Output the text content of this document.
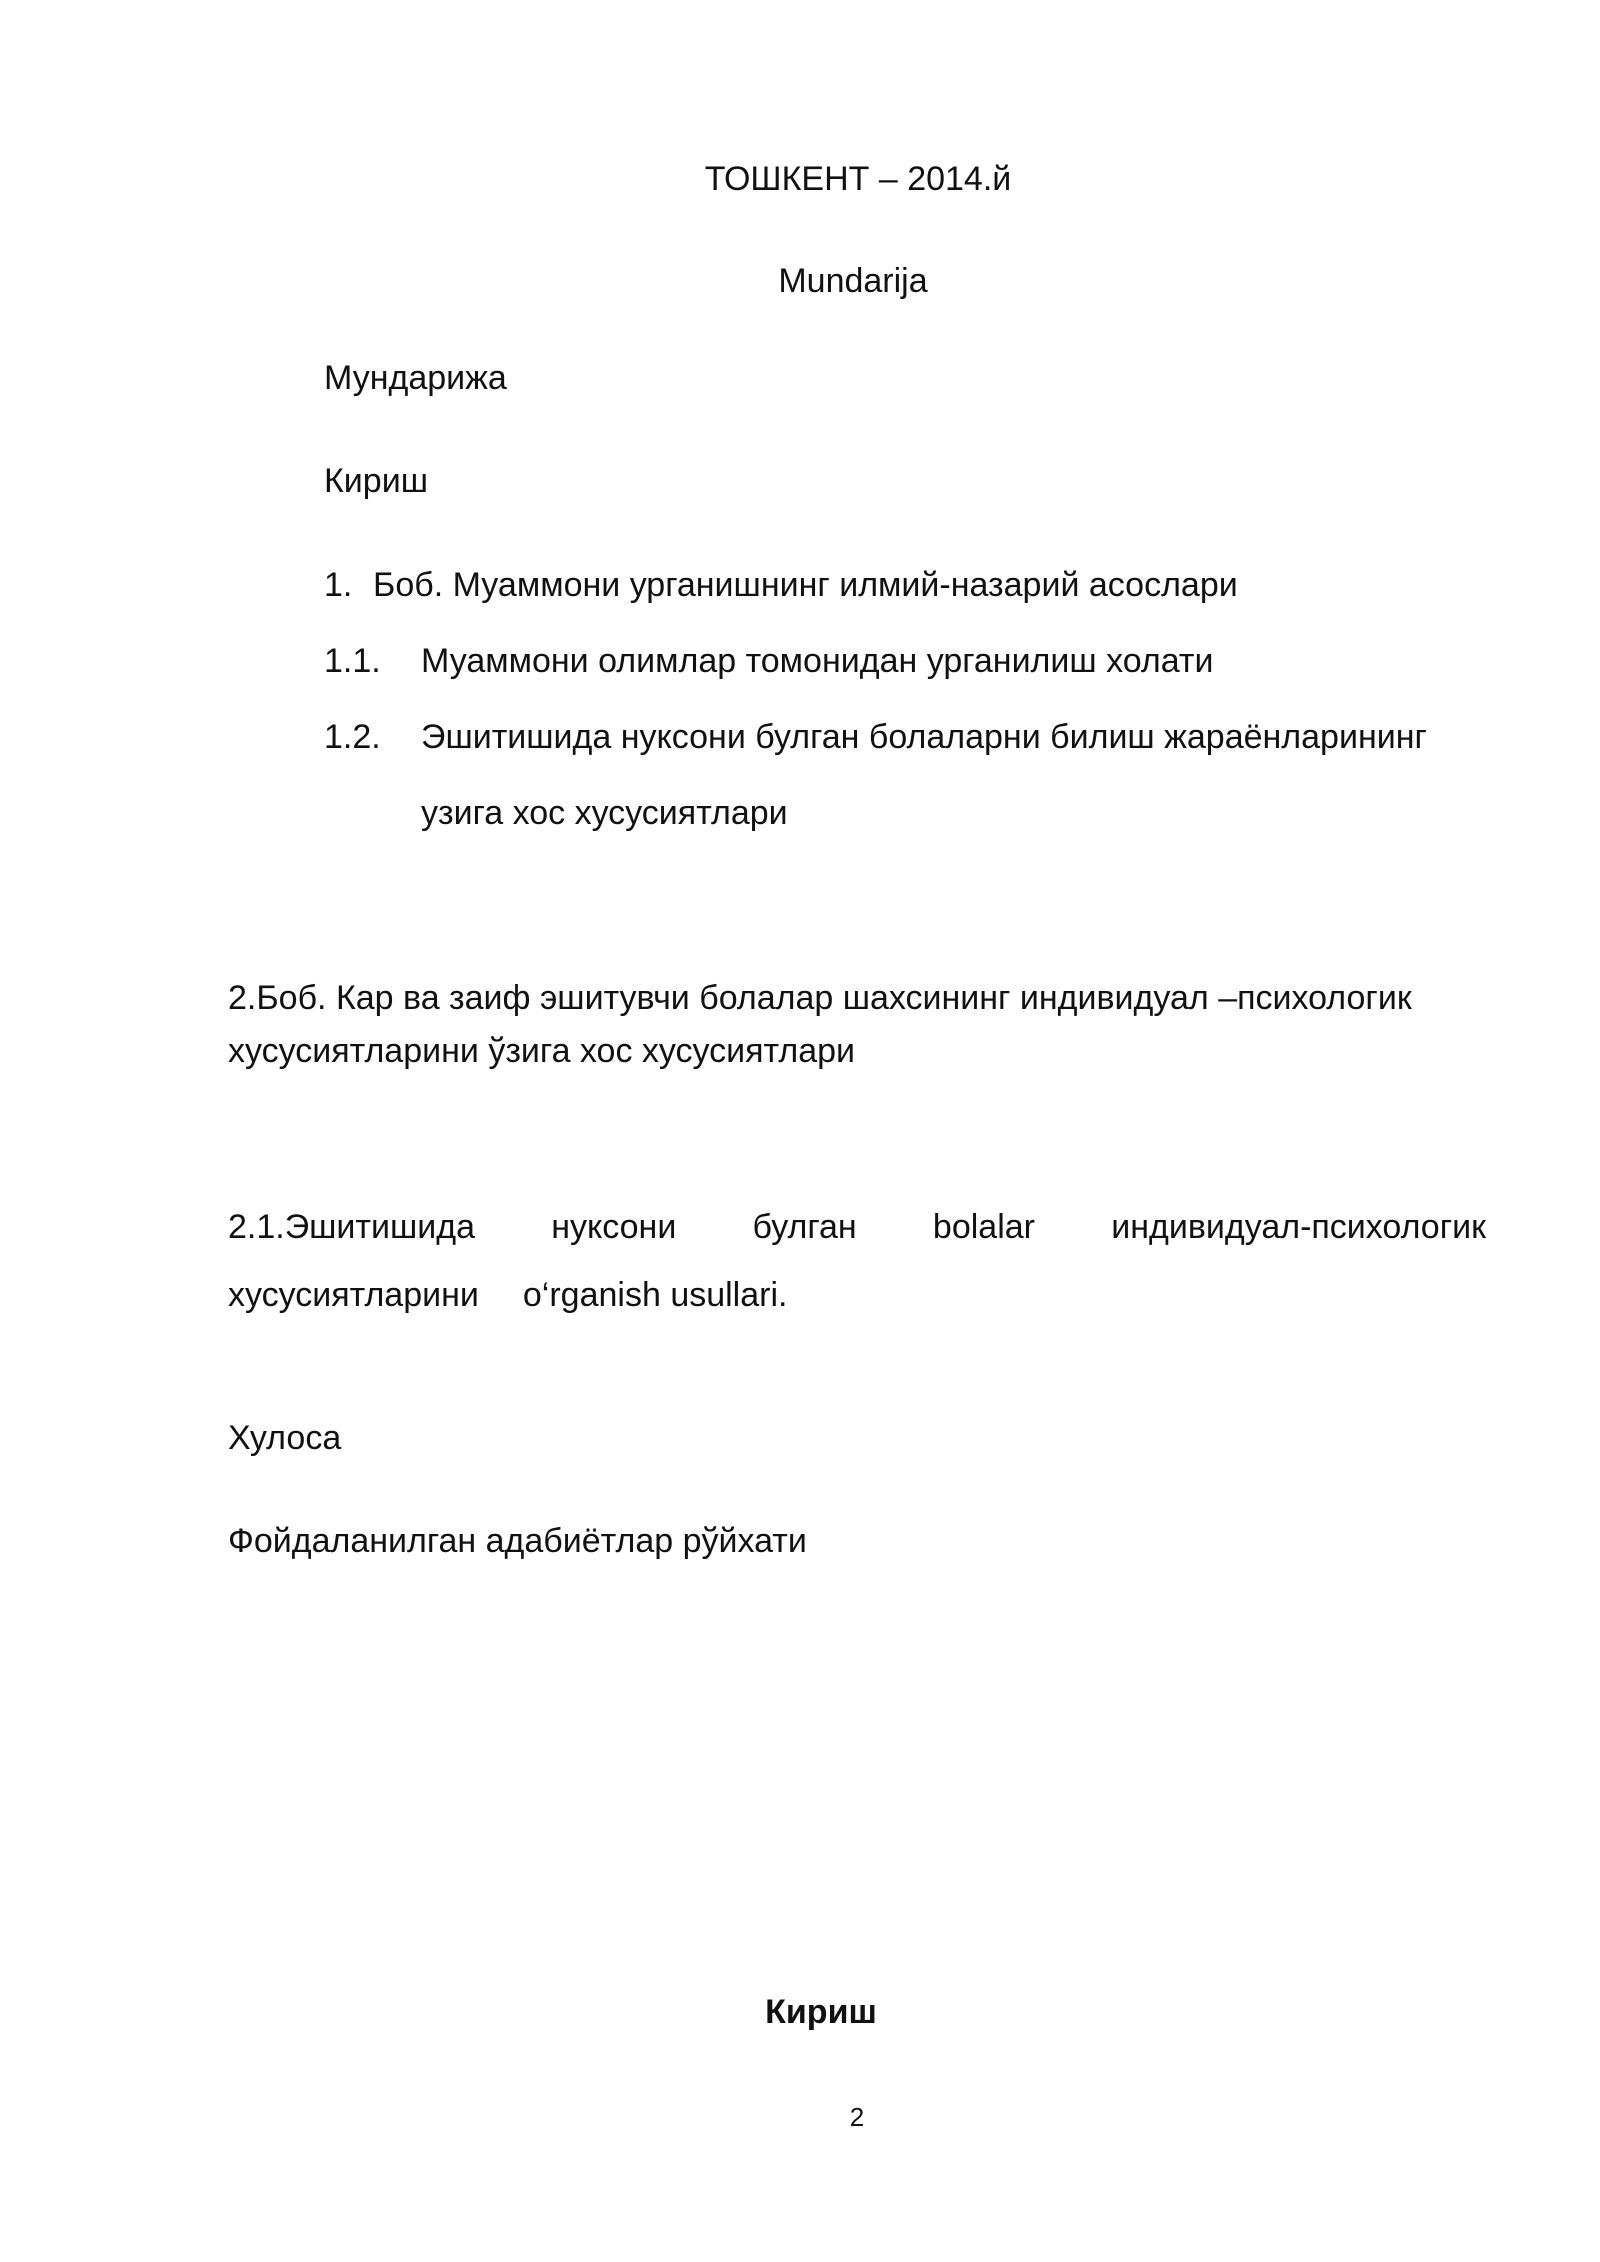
ТОШКЕНТ – 2014.й
Mundarija
Мундарижа
Кириш
1. Боб. Муаммони урганишнинг илмий-назарий асослари
1.1. Муаммони олимлар томонидан урганилиш холати
1.2. Эшитишида нуксони булган болаларни билиш жараёнларининг
узига хос хусусиятлари
2.Боб. Кар ва заиф эшитувчи болалар шахсининг индивидуал –психологик
хусусиятларини ўзига хос хусусиятлари
2.1.Эшитишида нуксони булган bolalar индивидуал-психологик
хусусиятларини o‘rganish usullari.
Хулоса
Фойдаланилган адабиётлар рўйхати
Кириш
2
